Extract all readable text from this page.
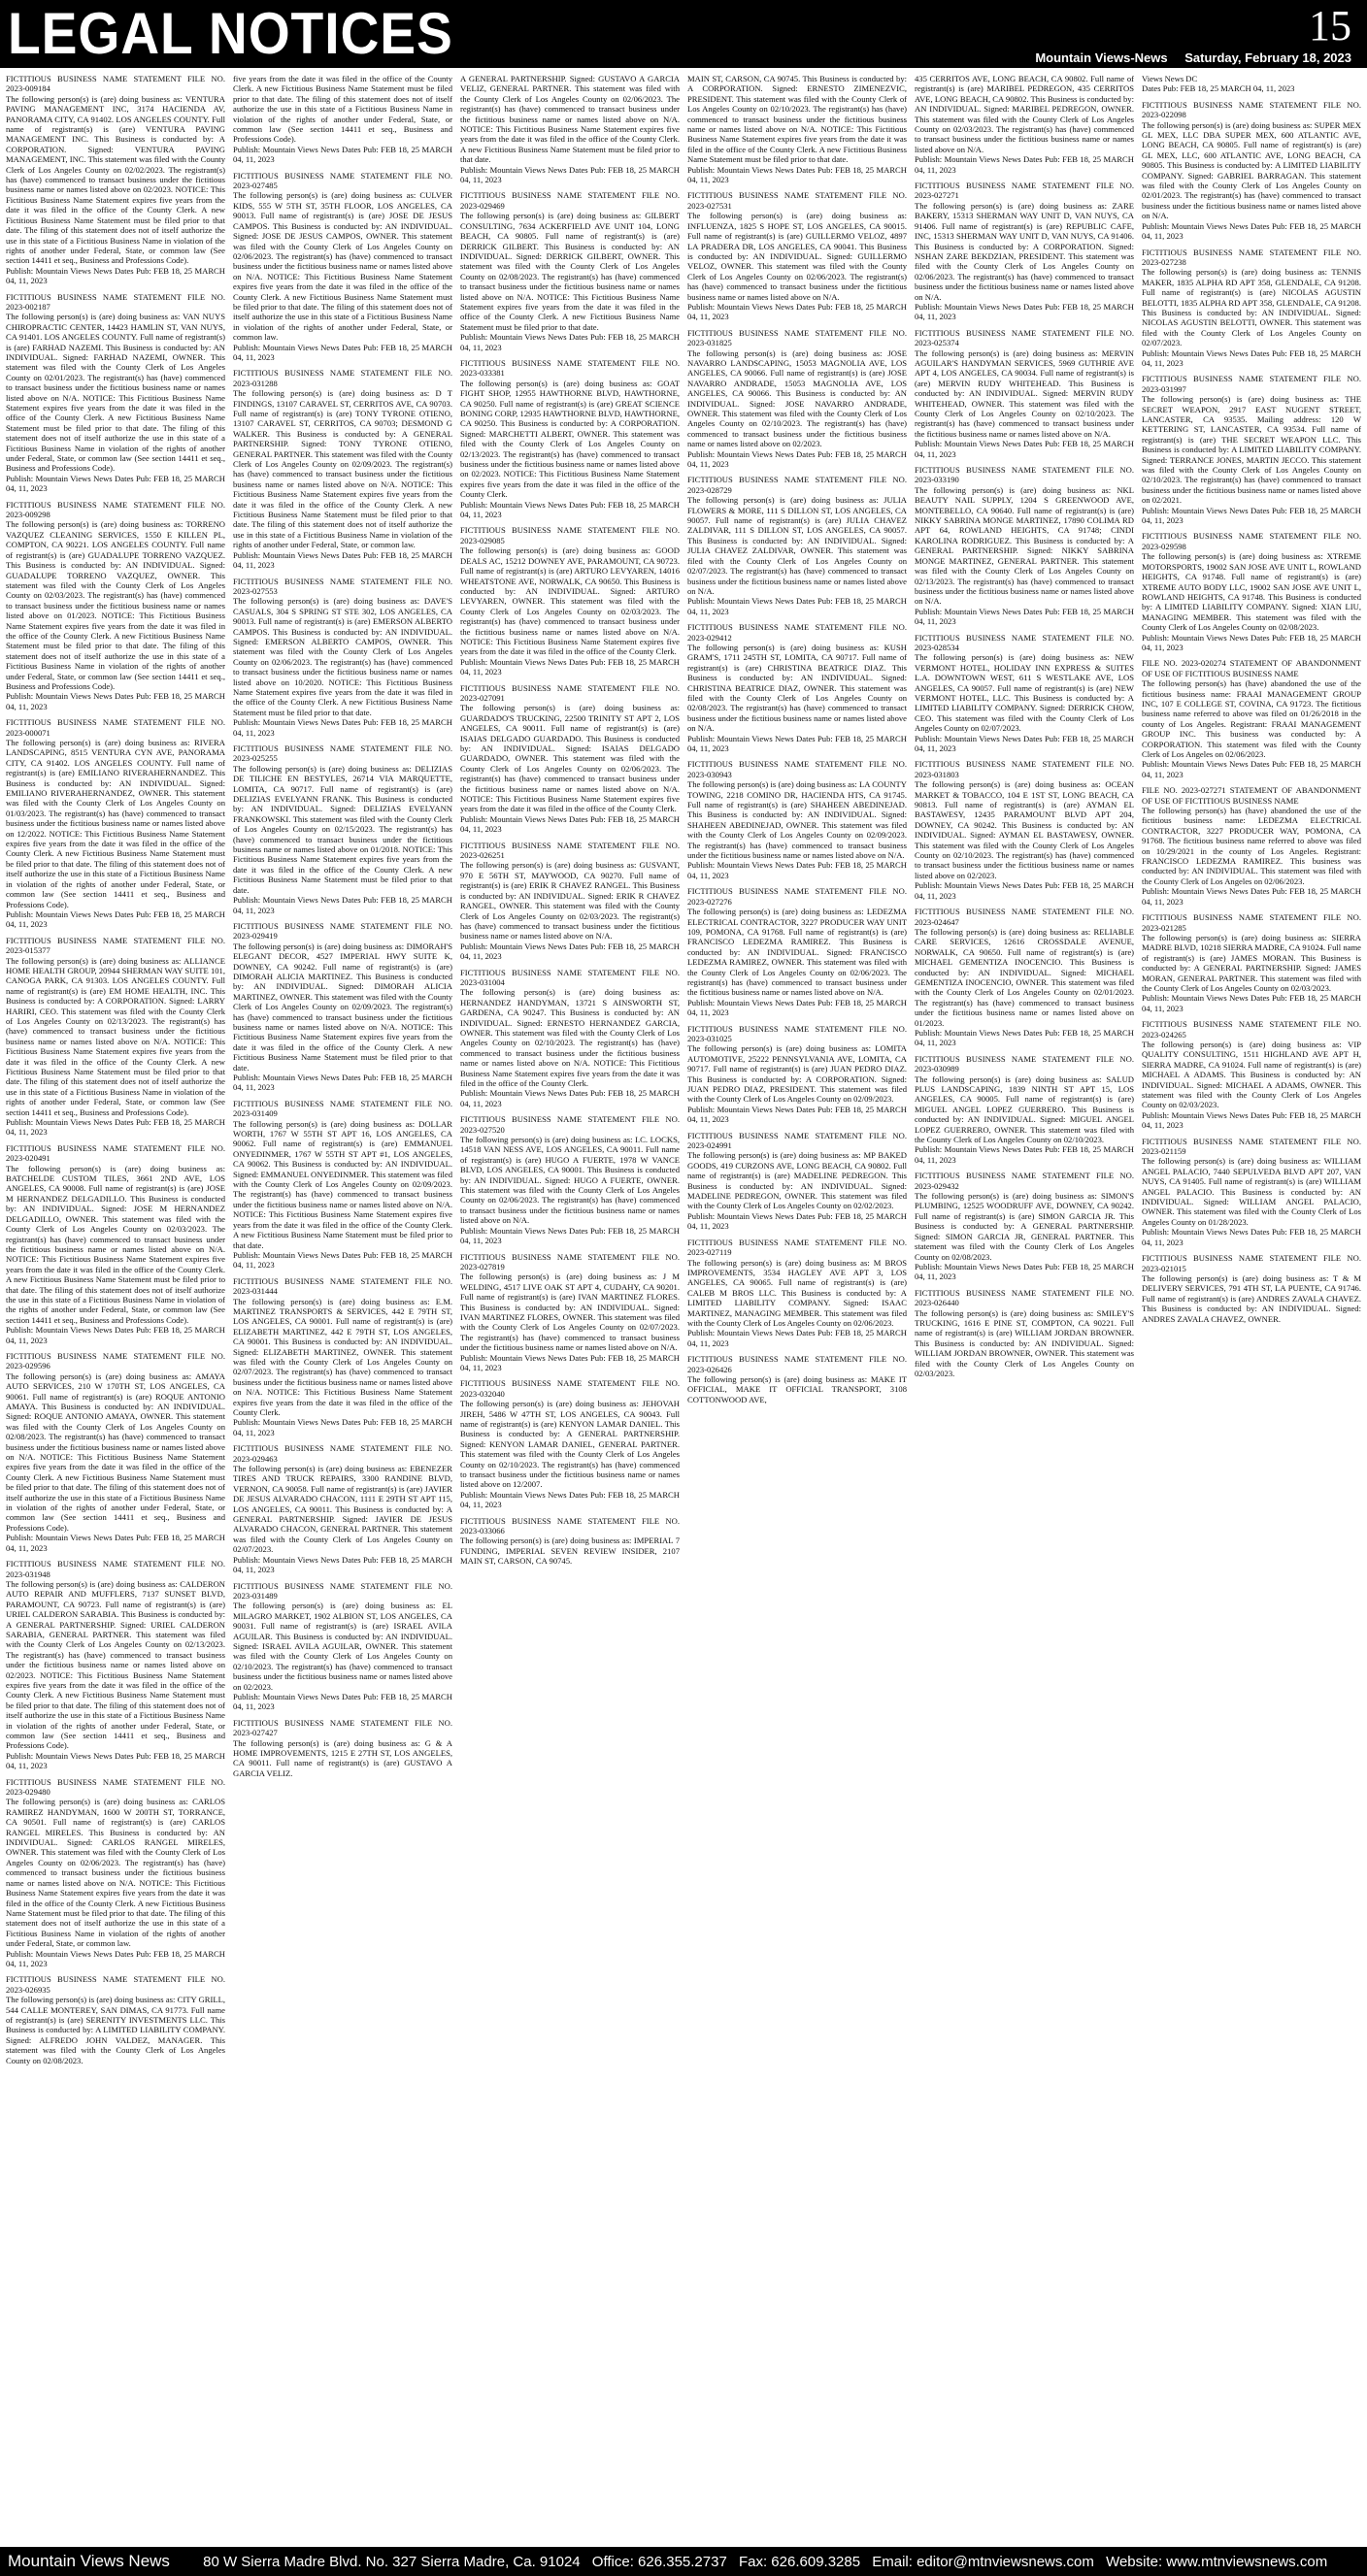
LEGAL NOTICES	15
Mountain Views-News Saturday, February 18, 2023

FICTITIOUS BUSINESS NAME STATEMENT FILE NO. 2023-009184

The following person(s) is (are) doing business as: VENTURA PAVING MANAGEMENT INC, 3174 HACIENDA AV, PANORAMA CITY, CA 91402. LOS ANGELES COUNTY. Full name of registrant(s) is (are) VENTURA PAVING MANAGEMENT INC. This Business is conducted by: A CORPORATION. Signed: VENTURA PAVING MANAGEMENT, INC. This statement was filed with the County Clerk of Los Angeles County on 02/02/2023. The registrant(s) has (have) commenced to transact business under the fictitious business name or names listed above on 02/2023. NOTICE: This Fictitious Business Name Statement expires five years from the date it was filed in the office of the County Clerk. A new Fictitious Business Name Statement must be filed prior to that date. The filing of this statement does not of itself authorize the use in this state of a Fictitious Business Name in violation of the rights of another under Federal, State, or common law (See section 14411 et seq., Business and Professions Code).

Publish: Mountain Views News Dates Pub: FEB 18, 25 MARCH 04, 11, 2023

FICTITIOUS BUSINESS NAME STATEMENT FILE NO. 2023-002187

The following person(s) is (are) doing business as: VAN NUYS CHIROPRACTIC CENTER, 14423 HAMLIN ST, VAN NUYS, CA 91401. LOS ANGELES COUNTY. Full name of registrant(s) is (are) FARHAD NAZEMI. This Business is conducted by: AN INDIVIDUAL. Signed: FARHAD NAZEMI, OWNER. This statement was filed with the County Clerk of Los Angeles County on 02/01/2023. The registrant(s) has (have) commenced to transact business under the fictitious business name or names listed above on N/A. NOTICE: This Fictitious Business Name Statement expires five years from the date it was filed in the office of the County Clerk. A new Fictitious Business Name Statement must be filed prior to that date. The filing of this statement does not of itself authorize the use in this state of a Fictitious Business Name in violation of the rights of another under Federal, State, or common law (See section 14411 et seq., Business and Professions Code).

Publish: Mountain Views News Dates Pub: FEB 18, 25 MARCH 04, 11, 2023

FICTITIOUS BUSINESS NAME STATEMENT FILE NO. 2023-009298

The following person(s) is (are) doing business as: TORRENO VAZQUEZ CLEANING SERVICES, 1550 E KILLEN PL, COMPTON, CA 90221. LOS ANGELES COUNTY. Full name of registrant(s) is (are) GUADALUPE TORRENO VAZQUEZ. This Business is conducted by: AN INDIVIDUAL. Signed: GUADALUPE TORRENO VAZQUEZ, OWNER. This statement was filed with the County Clerk of Los Angeles County on 02/03/2023. The registrant(s) has (have) commenced to transact business under the fictitious business name or names listed above on 01/2023. NOTICE: This Fictitious Business Name Statement expires five years from the date it was filed in the office of the County Clerk. A new Fictitious Business Name Statement must be filed prior to that date. The filing of this statement does not of itself authorize the use in this state of a Fictitious Business Name in violation of the rights of another under Federal, State, or common law (See section 14411 et seq., Business and Professions Code).

Publish: Mountain Views News Dates Pub: FEB 18, 25 MARCH 04, 11, 2023

FICTITIOUS BUSINESS NAME STATEMENT FILE NO. 2023-000071

The following person(s) is (are) doing business as: RIVERA LANDSCAPING, 8515 VENTURA CYN AVE, PANORAMA CITY, CA 91402. LOS ANGELES COUNTY. Full name of registrant(s) is (are) EMILIANO RIVERAHERNANDEZ. This Business is conducted by: AN INDIVIDUAL. Signed: EMILIANO RIVERAHERNANDEZ, OWNER. This statement was filed with the County Clerk of Los Angeles County on 01/03/2023. The registrant(s) has (have) commenced to transact business under the fictitious business name or names listed above on 12/2022. NOTICE: This Fictitious Business Name Statement expires five years from the date it was filed in the office of the County Clerk. A new Fictitious Business Name Statement must be filed prior to that date. The filing of this statement does not of itself authorize the use in this state of a Fictitious Business Name in violation of the rights of another under Federal, State, or common law (See section 14411 et seq., Business and Professions Code).

Publish: Mountain Views News Dates Pub: FEB 18, 25 MARCH 04, 11, 2023

FICTITIOUS BUSINESS NAME STATEMENT FILE NO. 2023-015377

The following person(s) is (are) doing business as: ALLIANCE HOME HEALTH GROUP, 20944 SHERMAN WAY SUITE 101, CANOGA PARK, CA 91303. LOS ANGELES COUNTY. Full name of registrant(s) is (are) EM HOME HEALTH, INC. This Business is conducted by: A CORPORATION. Signed: LARRY HARIRI, CEO. This statement was filed with the County Clerk of Los Angeles County on 02/13/2023. The registrant(s) has (have) commenced to transact business under the fictitious business name or names listed above on N/A. NOTICE: This Fictitious Business Name Statement expires five years from the date it was filed in the office of the County Clerk. A new Fictitious Business Name Statement must be filed prior to that date. The filing of this statement does not of itself authorize the use in this state of a Fictitious Business Name in violation of the rights of another under Federal, State, or common law (See section 14411 et seq., Business and Professions Code).

Publish: Mountain Views News Dates Pub: FEB 18, 25 MARCH 04, 11, 2023

FICTITIOUS BUSINESS NAME STATEMENT FILE NO. 2023-020491

The following person(s) is (are) doing business as: BATCHELDE CUSTOM TILES, 3661 2ND AVE, LOS ANGELES, CA 90008. Full name of registrant(s) is (are) JOSE M HERNANDEZ DELGADILLO. This Business is conducted by: AN INDIVIDUAL. Signed: JOSE M HERNANDEZ DELGADILLO, OWNER. This statement was filed with the County Clerk of Los Angeles County on 02/03/2023. The registrant(s) has (have) commenced to transact business under the fictitious business name or names listed above on N/A. NOTICE: This Fictitious Business Name Statement expires five years from the date it was filed in the office of the County Clerk. A new Fictitious Business Name Statement must be filed prior to that date. The filing of this statement does not of itself authorize the use in this state of a Fictitious Business Name in violation of the rights of another under Federal, State, or common law (See section 14411 et seq., Business and Professions Code).

Publish: Mountain Views News Dates Pub: FEB 18, 25 MARCH 04, 11, 2023

FICTITIOUS BUSINESS NAME STATEMENT FILE NO. 2023-029596

The following person(s) is (are) doing business as: AMAYA AUTO SERVICES, 210 W 170TH ST, LOS ANGELES, CA 90061. Full name of registrant(s) is (are) ROQUE ANTONIO AMAYA. This Business is conducted by: AN INDIVIDUAL. Signed: ROQUE ANTONIO AMAYA, OWNER. This statement was filed with the County Clerk of Los Angeles County on 02/08/2023. The registrant(s) has (have) commenced to transact business under the fictitious business name or names listed above on N/A. NOTICE: This Fictitious Business Name Statement expires five years from the date it was filed in the office of the County Clerk. A new Fictitious Business Name Statement must be filed prior to that date. The filing of this statement does not of itself authorize the use in this state of a Fictitious Business Name in violation of the rights of another under Federal, State, or common law (See section 14411 et seq., Business and Professions Code).

Publish: Mountain Views News Dates Pub: FEB 18, 25 MARCH 04, 11, 2023

FICTITIOUS BUSINESS NAME STATEMENT FILE NO. 2023-031948

The following person(s) is (are) doing business as: CALDERON AUTO REPAIR AND MUFFLERS, 7137 SUNSET BLVD, PARAMOUNT, CA 90723. Full name of registrant(s) is (are) URIEL CALDERON SARABIA. This Business is conducted by: A GENERAL PARTNERSHIP. Signed: URIEL CALDERON SARABIA, GENERAL PARTNER. This statement was filed with the County Clerk of Los Angeles County on 02/13/2023. The registrant(s) has (have) commenced to transact business under the fictitious business name or names listed above on 02/2023. NOTICE: This Fictitious Business Name Statement expires five years from the date it was filed in the office of the County Clerk. A new Fictitious Business Name Statement must be filed prior to that date. The filing of this statement does not of itself authorize the use in this state of a Fictitious Business Name in violation of the rights of another under Federal, State, or common law (See section 14411 et seq., Business and Professions Code).

Publish: Mountain Views News Dates Pub: FEB 18, 25 MARCH 04, 11, 2023

FICTITIOUS BUSINESS NAME STATEMENT FILE NO. 2023-029480

The following person(s) is (are) doing business as: CARLOS RAMIREZ HANDYMAN, 1600 W 200TH ST, TORRANCE, CA 90501. Full name of registrant(s) is (are) CARLOS RANGEL MIRELES. This Business is conducted by: AN INDIVIDUAL. Signed: CARLOS RANGEL MIRELES, OWNER. This statement was filed with the County Clerk of Los Angeles County on 02/06/2023. The registrant(s) has (have) commenced to transact business under the fictitious business name or names listed above on N/A. NOTICE: This Fictitious Business Name Statement expires five years from the date it was filed in the office of the County Clerk. A new Fictitious Business Name Statement must be filed prior to that date. The filing of this statement does not of itself authorize the use in this state of a Fictitious Business Name in violation of the rights of another under Federal, State, or common law.

Publish: Mountain Views News Dates Pub: FEB 18, 25 MARCH 04, 11, 2023

FICTITIOUS BUSINESS NAME STATEMENT FILE NO. 2023-026935

The following person(s) is (are) doing business as: CITY GRILL, 544 CALLE MONTEREY, SAN DIMAS, CA 91773. Full name of registrant(s) is (are) SERENITY INVESTMENTS LLC. This Business is conducted by: A LIMITED LIABILITY COMPANY. Signed: ALFREDO JOHN VALDEZ, MANAGER. This statement was filed with the County Clerk of Los Angeles County on 02/08/2023.

five years from the date it was filed in the office of the County Clerk. A new Fictitious Business Name Statement must be filed prior to that date. The filing of this statement does not of itself authorize the use in this state of a Fictitious Business Name in violation of the rights of another under Federal, State, or common law (See section 14411 et seq., Business and Professions Code).

Publish: Mountain Views News Dates Pub: FEB 18, 25 MARCH 04, 11, 2023

FICTITIOUS BUSINESS NAME STATEMENT FILE NO. 2023-027485

The following person(s) is (are) doing business as: CULVER KIDS, 555 W 5TH ST, 35TH FLOOR, LOS ANGELES, CA 90013. Full name of registrant(s) is (are) JOSE DE JESUS CAMPOS. This Business is conducted by: AN INDIVIDUAL. Signed: JOSE DE JESUS CAMPOS, OWNER. This statement was filed with the County Clerk of Los Angeles County on 02/06/2023. The registrant(s) has (have) commenced to transact business under the fictitious business name or names listed above on N/A. NOTICE: This Fictitious Business Name Statement expires five years from the date it was filed in the office of the County Clerk. A new Fictitious Business Name Statement must be filed prior to that date. The filing of this statement does not of itself authorize the use in this state of a Fictitious Business Name in violation of the rights of another under Federal, State, or common law.

Publish: Mountain Views News Dates Pub: FEB 18, 25 MARCH 04, 11, 2023

FICTITIOUS BUSINESS NAME STATEMENT FILE NO. 2023-031288

The following person(s) is (are) doing business as: D T FINDINGS, 13107 CARAVEL ST, CERRITOS AVE, CA 90703. Full name of registrant(s) is (are) TONY TYRONE OTIENO, 13107 CARAVEL ST, CERRITOS, CA 90703; DESMOND G WALKER. This Business is conducted by: A GENERAL PARTNERSHIP. Signed: TONY TYRONE OTIENO, GENERAL PARTNER. This statement was filed with the County Clerk of Los Angeles County on 02/09/2023. The registrant(s) has (have) commenced to transact business under the fictitious business name or names listed above on N/A. NOTICE: This Fictitious Business Name Statement expires five years from the date it was filed in the office of the County Clerk. A new Fictitious Business Name Statement must be filed prior to that date. The filing of this statement does not of itself authorize the use in this state of a Fictitious Business Name in violation of the rights of another under Federal, State, or common law.

Publish: Mountain Views News Dates Pub: FEB 18, 25 MARCH 04, 11, 2023

FICTITIOUS BUSINESS NAME STATEMENT FILE NO. 2023-027553

The following person(s) is (are) doing business as: DAVE'S CASUALS, 304 S SPRING ST STE 302, LOS ANGELES, CA 90013. Full name of registrant(s) is (are) EMERSON ALBERTO CAMPOS. This Business is conducted by: AN INDIVIDUAL. Signed: EMERSON ALBERTO CAMPOS, OWNER. This statement was filed with the County Clerk of Los Angeles County on 02/06/2023. The registrant(s) has (have) commenced to transact business under the fictitious business name or names listed above on 10/2020. NOTICE: This Fictitious Business Name Statement expires five years from the date it was filed in the office of the County Clerk. A new Fictitious Business Name Statement must be filed prior to that date.

Publish: Mountain Views News Dates Pub: FEB 18, 25 MARCH 04, 11, 2023

FICTITIOUS BUSINESS NAME STATEMENT FILE NO. 2023-025255

The following person(s) is (are) doing business as: DELIZIAS DE TILICHE EN BESTYLES, 26714 VIA MARQUETTE, LOMITA, CA 90717. Full name of registrant(s) is (are) DELIZIAS EVELYANN FRANK. This Business is conducted by: AN INDIVIDUAL. Signed: DELIZIAS EVELYANN FRANKOWSKI. This statement was filed with the County Clerk of Los Angeles County on 02/15/2023. The registrant(s) has (have) commenced to transact business under the fictitious business name or names listed above on 01/2018. NOTICE: This Fictitious Business Name Statement expires five years from the date it was filed in the office of the County Clerk. A new Fictitious Business Name Statement must be filed prior to that date.

Publish: Mountain Views News Dates Pub: FEB 18, 25 MARCH 04, 11, 2023

FICTITIOUS BUSINESS NAME STATEMENT FILE NO. 2023-029419

The following person(s) is (are) doing business as: DIMORAH'S ELEGANT DECOR, 4527 IMPERIAL HWY SUITE K, DOWNEY, CA 90242. Full name of registrant(s) is (are) DIMORAH ALICIA MARTINEZ. This Business is conducted by: AN INDIVIDUAL. Signed: DIMORAH ALICIA MARTINEZ, OWNER. This statement was filed with the County Clerk of Los Angeles County on 02/09/2023. The registrant(s) has (have) commenced to transact business under the fictitious business name or names listed above on N/A. NOTICE: This Fictitious Business Name Statement expires five years from the date it was filed in the office of the County Clerk. A new Fictitious Business Name Statement must be filed prior to that date.

Publish: Mountain Views News Dates Pub: FEB 18, 25 MARCH 04, 11, 2023

FICTITIOUS BUSINESS NAME STATEMENT FILE NO. 2023-031409

The following person(s) is (are) doing business as: DOLLAR WORTH, 1767 W 55TH ST APT 16, LOS ANGELES, CA 90062. Full name of registrant(s) is (are) EMMANUEL ONYEDINMER, 1767 W 55TH ST APT #1, LOS ANGELES, CA 90062. This Business is conducted by: AN INDIVIDUAL. Signed: EMMANUEL ONYEDINMER. This statement was filed with the County Clerk of Los Angeles County on 02/09/2023. The registrant(s) has (have) commenced to transact business under the fictitious business name or names listed above on N/A. NOTICE: This Fictitious Business Name Statement expires five years from the date it was filed in the office of the County Clerk. A new Fictitious Business Name Statement must be filed prior to that date.

Publish: Mountain Views News Dates Pub: FEB 18, 25 MARCH 04, 11, 2023

FICTITIOUS BUSINESS NAME STATEMENT FILE NO. 2023-031444

The following person(s) is (are) doing business as: E.M. MARTINEZ TRANSPORTS & SERVICES, 442 E 79TH ST, LOS ANGELES, CA 90001. Full name of registrant(s) is (are) ELIZABETH MARTINEZ, 442 E 79TH ST, LOS ANGELES, CA 90001. This Business is conducted by: AN INDIVIDUAL. Signed: ELIZABETH MARTINEZ, OWNER. This statement was filed with the County Clerk of Los Angeles County on 02/07/2023. The registrant(s) has (have) commenced to transact business under the fictitious business name or names listed above on N/A. NOTICE: This Fictitious Business Name Statement expires five years from the date it was filed in the office of the County Clerk.

Publish: Mountain Views News Dates Pub: FEB 18, 25 MARCH 04, 11, 2023

FICTITIOUS BUSINESS NAME STATEMENT FILE NO. 2023-029463

The following person(s) is (are) doing business as: EBENEZER TIRES AND TRUCK REPAIRS, 3300 RANDINE BLVD, VERNON, CA 90058. Full name of registrant(s) is (are) JAVIER DE JESUS ALVARADO CHACON, 1111 E 29TH ST APT 115, LOS ANGELES, CA 90011. This Business is conducted by: A GENERAL PARTNERSHIP. Signed: JAVIER DE JESUS ALVARADO CHACON, GENERAL PARTNER. This statement was filed with the County Clerk of Los Angeles County on 02/07/2023.

Publish: Mountain Views News Dates Pub: FEB 18, 25 MARCH 04, 11, 2023

FICTITIOUS BUSINESS NAME STATEMENT FILE NO. 2023-031489

The following person(s) is (are) doing business as: EL MILAGRO MARKET, 1902 ALBION ST, LOS ANGELES, CA 90031. Full name of registrant(s) is (are) ISRAEL AVILA AGUILAR. This Business is conducted by: AN INDIVIDUAL. Signed: ISRAEL AVILA AGUILAR, OWNER. This statement was filed with the County Clerk of Los Angeles County on 02/10/2023. The registrant(s) has (have) commenced to transact business under the fictitious business name or names listed above on 02/2023.

Publish: Mountain Views News Dates Pub: FEB 18, 25 MARCH 04, 11, 2023

FICTITIOUS BUSINESS NAME STATEMENT FILE NO. 2023-027427

The following person(s) is (are) doing business as: G & A HOME IMPROVEMENTS, 1215 E 27TH ST, LOS ANGELES, CA 90011. Full name of registrant(s) is (are) GUSTAVO A GARCIA VELIZ.

A GENERAL PARTNERSHIP. Signed: GUSTAVO A GARCIA VELIZ, GENERAL PARTNER. This statement was filed with the County Clerk of Los Angeles County on 02/06/2023. The registrant(s) has (have) commenced to transact business under the fictitious business name or names listed above on N/A. NOTICE: This Fictitious Business Name Statement expires five years from the date it was filed in the office of the County Clerk. A new Fictitious Business Name Statement must be filed prior to that date.

Publish: Mountain Views News Dates Pub: FEB 18, 25 MARCH 04, 11, 2023

FICTITIOUS BUSINESS NAME STATEMENT FILE NO. 2023-029469

The following person(s) is (are) doing business as: GILBERT CONSULTING, 7634 ACKERFIELD AVE UNIT 104, LONG BEACH, CA 90805. Full name of registrant(s) is (are) DERRICK GILBERT. This Business is conducted by: AN INDIVIDUAL. Signed: DERRICK GILBERT, OWNER. This statement was filed with the County Clerk of Los Angeles County on 02/08/2023. The registrant(s) has (have) commenced to transact business under the fictitious business name or names listed above on N/A. NOTICE: This Fictitious Business Name Statement expires five years from the date it was filed in the office of the County Clerk. A new Fictitious Business Name Statement must be filed prior to that date.

Publish: Mountain Views News Dates Pub: FEB 18, 25 MARCH 04, 11, 2023

FICTITIOUS BUSINESS NAME STATEMENT FILE NO. 2023-033381

The following person(s) is (are) doing business as: GOAT FIGHT SHOP, 12955 HAWTHORNE BLVD, HAWTHORNE, CA 90250. Full name of registrant(s) is (are) GREAT SCIENCE BONING CORP, 12935 HAWTHORNE BLVD, HAWTHORNE, CA 90250. This Business is conducted by: A CORPORATION. Signed: MARCHETTI ALBERT, OWNER. This statement was filed with the County Clerk of Los Angeles County on 02/13/2023. The registrant(s) has (have) commenced to transact business under the fictitious business name or names listed above on 02/2023. NOTICE: This Fictitious Business Name Statement expires five years from the date it was filed in the office of the County Clerk.

Publish: Mountain Views News Dates Pub: FEB 18, 25 MARCH 04, 11, 2023

FICTITIOUS BUSINESS NAME STATEMENT FILE NO. 2023-029085

The following person(s) is (are) doing business as: GOOD DEALS AC, 15212 DOWNEY AVE, PARAMOUNT, CA 90723. Full name of registrant(s) is (are) ARTURO LEVYAREN, 14016 WHEATSTONE AVE, NORWALK, CA 90650. This Business is conducted by: AN INDIVIDUAL. Signed: ARTURO LEVYAREN, OWNER. This statement was filed with the County Clerk of Los Angeles County on 02/03/2023. The registrant(s) has (have) commenced to transact business under the fictitious business name or names listed above on N/A. NOTICE: This Fictitious Business Name Statement expires five years from the date it was filed in the office of the County Clerk.

Publish: Mountain Views News Dates Pub: FEB 18, 25 MARCH 04, 11, 2023

FICTITIOUS BUSINESS NAME STATEMENT FILE NO. 2023-027091

The following person(s) is (are) doing business as: GUARDADO'S TRUCKING, 22500 TRINITY ST APT 2, LOS ANGELES, CA 90011. Full name of registrant(s) is (are) ISAIAS DELGADO GUARDADO. This Business is conducted by: AN INDIVIDUAL. Signed: ISAIAS DELGADO GUARDADO, OWNER. This statement was filed with the County Clerk of Los Angeles County on 02/06/2023. The registrant(s) has (have) commenced to transact business under the fictitious business name or names listed above on N/A. NOTICE: This Fictitious Business Name Statement expires five years from the date it was filed in the office of the County Clerk.

Publish: Mountain Views News Dates Pub: FEB 18, 25 MARCH 04, 11, 2023

FICTITIOUS BUSINESS NAME STATEMENT FILE NO. 2023-026251

The following person(s) is (are) doing business as: GUSVANT, 970 E 56TH ST, MAYWOOD, CA 90270. Full name of registrant(s) is (are) ERIK R CHAVEZ RANGEL. This Business is conducted by: AN INDIVIDUAL. Signed: ERIK R CHAVEZ RANGEL, OWNER. This statement was filed with the County Clerk of Los Angeles County on 02/03/2023. The registrant(s) has (have) commenced to transact business under the fictitious business name or names listed above on N/A.

Publish: Mountain Views News Dates Pub: FEB 18, 25 MARCH 04, 11, 2023

FICTITIOUS BUSINESS NAME STATEMENT FILE NO. 2023-031004

The following person(s) is (are) doing business as: HERNANDEZ HANDYMAN, 13721 S AINSWORTH ST, GARDENA, CA 90247. This Business is conducted by: AN INDIVIDUAL. Signed: ERNESTO HERNANDEZ GARCIA, OWNER. This statement was filed with the County Clerk of Los Angeles County on 02/10/2023. The registrant(s) has (have) commenced to transact business under the fictitious business name or names listed above on N/A. NOTICE: This Fictitious Business Name Statement expires five years from the date it was filed in the office of the County Clerk.

Publish: Mountain Views News Dates Pub: FEB 18, 25 MARCH 04, 11, 2023

FICTITIOUS BUSINESS NAME STATEMENT FILE NO. 2023-027520

The following person(s) is (are) doing business as: I.C. LOCKS, 14518 VAN NESS AVE, LOS ANGELES, CA 90011. Full name of registrant(s) is (are) HUGO A FUERTE, 1978 W VANCE BLVD, LOS ANGELES, CA 90001. This Business is conducted by: AN INDIVIDUAL. Signed: HUGO A FUERTE, OWNER. This statement was filed with the County Clerk of Los Angeles County on 02/06/2023. The registrant(s) has (have) commenced to transact business under the fictitious business name or names listed above on N/A.

Publish: Mountain Views News Dates Pub: FEB 18, 25 MARCH 04, 11, 2023

FICTITIOUS BUSINESS NAME STATEMENT FILE NO. 2023-027819

The following person(s) is (are) doing business as: J M WELDING, 4517 LIVE OAK ST APT 4, CUDAHY, CA 90201. Full name of registrant(s) is (are) IVAN MARTINEZ FLORES. This Business is conducted by: AN INDIVIDUAL. Signed: IVAN MARTINEZ FLORES, OWNER. This statement was filed with the County Clerk of Los Angeles County on 02/07/2023. The registrant(s) has (have) commenced to transact business under the fictitious business name or names listed above on N/A.

Publish: Mountain Views News Dates Pub: FEB 18, 25 MARCH 04, 11, 2023

FICTITIOUS BUSINESS NAME STATEMENT FILE NO. 2023-032040

The following person(s) is (are) doing business as: JEHOVAH JIREH, 5486 W 47TH ST, LOS ANGELES, CA 90043. Full name of registrant(s) is (are) KENYON LAMAR DANIEL. This Business is conducted by: A GENERAL PARTNERSHIP. Signed: KENYON LAMAR DANIEL, GENERAL PARTNER. This statement was filed with the County Clerk of Los Angeles County on 02/10/2023. The registrant(s) has (have) commenced to transact business under the fictitious business name or names listed above on 12/2007.

Publish: Mountain Views News Dates Pub: FEB 18, 25 MARCH 04, 11, 2023

FICTITIOUS BUSINESS NAME STATEMENT FILE NO. 2023-033066

The following person(s) is (are) doing business as: IMPERIAL 7 FUNDING, IMPERIAL SEVEN REVIEW INSIDER, 2107 MAIN ST, CARSON, CA 90745.

MAIN ST, CARSON, CA 90745. This Business is conducted by: A CORPORATION. Signed: ERNESTO ZIMENEZVIC, PRESIDENT. This statement was filed with the County Clerk of Los Angeles County on 02/10/2023. The registrant(s) has (have) commenced to transact business under the fictitious business name or names listed above on N/A. NOTICE: This Fictitious Business Name Statement expires five years from the date it was filed in the office of the County Clerk. A new Fictitious Business Name Statement must be filed prior to that date.

Publish: Mountain Views News Dates Pub: FEB 18, 25 MARCH 04, 11, 2023

FICTITIOUS BUSINESS NAME STATEMENT FILE NO. 2023-027531

The following person(s) is (are) doing business as: INFLUENZA, 1825 S HOPE ST, LOS ANGELES, CA 90015. Full name of registrant(s) is (are) GUILLERMO VELOZ, 4897 LA PRADERA DR, LOS ANGELES, CA 90041. This Business is conducted by: AN INDIVIDUAL. Signed: GUILLERMO VELOZ, OWNER. This statement was filed with the County Clerk of Los Angeles County on 02/06/2023. The registrant(s) has (have) commenced to transact business under the fictitious business name or names listed above on N/A.

Publish: Mountain Views News Dates Pub: FEB 18, 25 MARCH 04, 11, 2023

FICTITIOUS BUSINESS NAME STATEMENT FILE NO. 2023-031825

The following person(s) is (are) doing business as: JOSE NAVARRO LANDSCAPING, 15053 MAGNOLIA AVE, LOS ANGELES, CA 90066. Full name of registrant(s) is (are) JOSE NAVARRO ANDRADE, 15053 MAGNOLIA AVE, LOS ANGELES, CA 90066. This Business is conducted by: AN INDIVIDUAL. Signed: JOSE NAVARRO ANDRADE, OWNER. This statement was filed with the County Clerk of Los Angeles County on 02/10/2023. The registrant(s) has (have) commenced to transact business under the fictitious business name or names listed above on 02/2023.

Publish: Mountain Views News Dates Pub: FEB 18, 25 MARCH 04, 11, 2023

FICTITIOUS BUSINESS NAME STATEMENT FILE NO. 2023-028729

The following person(s) is (are) doing business as: JULIA FLOWERS & MORE, 111 S DILLON ST, LOS ANGELES, CA 90057. Full name of registrant(s) is (are) JULIA CHAVEZ ZALDIVAR, 111 S DILLON ST, LOS ANGELES, CA 90057. This Business is conducted by: AN INDIVIDUAL. Signed: JULIA CHAVEZ ZALDIVAR, OWNER. This statement was filed with the County Clerk of Los Angeles County on 02/07/2023. The registrant(s) has (have) commenced to transact business under the fictitious business name or names listed above on N/A.

Publish: Mountain Views News Dates Pub: FEB 18, 25 MARCH 04, 11, 2023

FICTITIOUS BUSINESS NAME STATEMENT FILE NO. 2023-029412

The following person(s) is (are) doing business as: KUSH GRAM'S, 1711 245TH ST, LOMITA, CA 90717. Full name of registrant(s) is (are) CHRISTINA BEATRICE DIAZ. This Business is conducted by: AN INDIVIDUAL. Signed: CHRISTINA BEATRICE DIAZ, OWNER. This statement was filed with the County Clerk of Los Angeles County on 02/08/2023. The registrant(s) has (have) commenced to transact business under the fictitious business name or names listed above on N/A.

Publish: Mountain Views News Dates Pub: FEB 18, 25 MARCH 04, 11, 2023

FICTITIOUS BUSINESS NAME STATEMENT FILE NO. 2023-030943

The following person(s) is (are) doing business as: LA COUNTY TOWING, 2218 COMINO DR, HACIENDA HTS, CA 91745. Full name of registrant(s) is (are) SHAHEEN ABEDINEJAD. This Business is conducted by: AN INDIVIDUAL. Signed: SHAHEEN ABEDINEJAD, OWNER. This statement was filed with the County Clerk of Los Angeles County on 02/09/2023. The registrant(s) has (have) commenced to transact business under the fictitious business name or names listed above on N/A.

Publish: Mountain Views News Dates Pub: FEB 18, 25 MARCH 04, 11, 2023

FICTITIOUS BUSINESS NAME STATEMENT FILE NO. 2023-027276

The following person(s) is (are) doing business as: LEDEZMA ELECTRICAL CONTRACTOR, 3227 PRODUCER WAY UNIT 109, POMONA, CA 91768. Full name of registrant(s) is (are) FRANCISCO LEDEZMA RAMIREZ. This Business is conducted by: AN INDIVIDUAL. Signed: FRANCISCO LEDEZMA RAMIREZ, OWNER. This statement was filed with the County Clerk of Los Angeles County on 02/06/2023. The registrant(s) has (have) commenced to transact business under the fictitious business name or names listed above on N/A.

Publish: Mountain Views News Dates Pub: FEB 18, 25 MARCH 04, 11, 2023

FICTITIOUS BUSINESS NAME STATEMENT FILE NO. 2023-031025

The following person(s) is (are) doing business as: LOMITA AUTOMOTIVE, 25222 PENNSYLVANIA AVE, LOMITA, CA 90717. Full name of registrant(s) is (are) JUAN PEDRO DIAZ. This Business is conducted by: A CORPORATION. Signed: JUAN PEDRO DIAZ, PRESIDENT. This statement was filed with the County Clerk of Los Angeles County on 02/09/2023.

Publish: Mountain Views News Dates Pub: FEB 18, 25 MARCH 04, 11, 2023

FICTITIOUS BUSINESS NAME STATEMENT FILE NO. 2023-024991

The following person(s) is (are) doing business as: MP BAKED GOODS, 419 CURZONS AVE, LONG BEACH, CA 90802. Full name of registrant(s) is (are) MADELINE PEDREGON. This Business is conducted by: AN INDIVIDUAL. Signed: MADELINE PEDREGON, OWNER. This statement was filed with the County Clerk of Los Angeles County on 02/02/2023.

Publish: Mountain Views News Dates Pub: FEB 18, 25 MARCH 04, 11, 2023

FICTITIOUS BUSINESS NAME STATEMENT FILE NO. 2023-027119

The following person(s) is (are) doing business as: M BROS IMPROVEMENTS, 3534 HAGLEY AVE APT 3, LOS ANGELES, CA 90065. Full name of registrant(s) is (are) CALEB M BROS LLC. This Business is conducted by: A LIMITED LIABILITY COMPANY. Signed: ISAAC MARTINEZ, MANAGING MEMBER. This statement was filed with the County Clerk of Los Angeles County on 02/06/2023.

Publish: Mountain Views News Dates Pub: FEB 18, 25 MARCH 04, 11, 2023

FICTITIOUS BUSINESS NAME STATEMENT FILE NO. 2023-026426

The following person(s) is (are) doing business as: MAKE IT OFFICIAL, MAKE IT OFFICIAL TRANSPORT, 3108 COTTONWOOD AVE,

435 CERRITOS AVE, LONG BEACH, CA 90802. Full name of registrant(s) is (are) MARIBEL PEDREGON, 435 CERRITOS AVE, LONG BEACH, CA 90802. This Business is conducted by: AN INDIVIDUAL. Signed: MARIBEL PEDREGON, OWNER. This statement was filed with the County Clerk of Los Angeles County on 02/03/2023. The registrant(s) has (have) commenced to transact business under the fictitious business name or names listed above on N/A.

Publish: Mountain Views News Dates Pub: FEB 18, 25 MARCH 04, 11, 2023

FICTITIOUS BUSINESS NAME STATEMENT FILE NO. 2023-027271

The following person(s) is (are) doing business as: ZARE BAKERY, 15313 SHERMAN WAY UNIT D, VAN NUYS, CA 91406. Full name of registrant(s) is (are) REPUBLIC CAFE, INC, 15313 SHERMAN WAY UNIT D, VAN NUYS, CA 91406. This Business is conducted by: A CORPORATION. Signed: NSHAN ZARE BEKDZIAN, PRESIDENT. This statement was filed with the County Clerk of Los Angeles County on 02/06/2023. The registrant(s) has (have) commenced to transact business under the fictitious business name or names listed above on N/A.

Publish: Mountain Views News Dates Pub: FEB 18, 25 MARCH 04, 11, 2023

FICTITIOUS BUSINESS NAME STATEMENT FILE NO. 2023-025374

The following person(s) is (are) doing business as: MERVIN AGUILAR'S HANDYMAN SERVICES, 5969 GUTHRIE AVE APT 4, LOS ANGELES, CA 90034. Full name of registrant(s) is (are) MERVIN RUDY WHITEHEAD. This Business is conducted by: AN INDIVIDUAL. Signed: MERVIN RUDY WHITEHEAD, OWNER. This statement was filed with the County Clerk of Los Angeles County on 02/10/2023. The registrant(s) has (have) commenced to transact business under the fictitious business name or names listed above on N/A.

Publish: Mountain Views News Dates Pub: FEB 18, 25 MARCH 04, 11, 2023

FICTITIOUS BUSINESS NAME STATEMENT FILE NO. 2023-033190

The following person(s) is (are) doing business as: NKL BEAUTY NAIL SUPPLY, 1204 S GREENWOOD AVE, MONTEBELLO, CA 90640. Full name of registrant(s) is (are) NIKKY SABRINA MONGE MARTINEZ, 17890 COLIMA RD APT 64, ROWLAND HEIGHTS, CA 91748; CINDI KAROLINA RODRIGUEZ. This Business is conducted by: A GENERAL PARTNERSHIP. Signed: NIKKY SABRINA MONGE MARTINEZ, GENERAL PARTNER. This statement was filed with the County Clerk of Los Angeles County on 02/13/2023. The registrant(s) has (have) commenced to transact business under the fictitious business name or names listed above on N/A.

Publish: Mountain Views News Dates Pub: FEB 18, 25 MARCH 04, 11, 2023

FICTITIOUS BUSINESS NAME STATEMENT FILE NO. 2023-028534

The following person(s) is (are) doing business as: NEW VERMONT HOTEL, HOLIDAY INN EXPRESS & SUITES L.A. DOWNTOWN WEST, 611 S WESTLAKE AVE, LOS ANGELES, CA 90057. Full name of registrant(s) is (are) NEW VERMONT HOTEL, LLC. This Business is conducted by: A LIMITED LIABILITY COMPANY. Signed: DERRICK CHOW, CEO. This statement was filed with the County Clerk of Los Angeles County on 02/07/2023.

Publish: Mountain Views News Dates Pub: FEB 18, 25 MARCH 04, 11, 2023

FICTITIOUS BUSINESS NAME STATEMENT FILE NO. 2023-031803

The following person(s) is (are) doing business as: OCEAN MARKET & TOBACCO, 104 E 1ST ST, LONG BEACH, CA 90813. Full name of registrant(s) is (are) AYMAN EL BASTAWESY, 12435 PARAMOUNT BLVD APT 204, DOWNEY, CA 90242. This Business is conducted by: AN INDIVIDUAL. Signed: AYMAN EL BASTAWESY, OWNER. This statement was filed with the County Clerk of Los Angeles County on 02/10/2023. The registrant(s) has (have) commenced to transact business under the fictitious business name or names listed above on 02/2023.

Publish: Mountain Views News Dates Pub: FEB 18, 25 MARCH 04, 11, 2023

FICTITIOUS BUSINESS NAME STATEMENT FILE NO. 2023-024647

The following person(s) is (are) doing business as: RELIABLE CARE SERVICES, 12616 CROSSDALE AVENUE, NORWALK, CA 90650. Full name of registrant(s) is (are) MICHAEL GEMENTIZA INOCENCIO. This Business is conducted by: AN INDIVIDUAL. Signed: MICHAEL GEMENTIZA INOCENCIO, OWNER. This statement was filed with the County Clerk of Los Angeles County on 02/01/2023. The registrant(s) has (have) commenced to transact business under the fictitious business name or names listed above on 01/2023.

Publish: Mountain Views News Dates Pub: FEB 18, 25 MARCH 04, 11, 2023

FICTITIOUS BUSINESS NAME STATEMENT FILE NO. 2023-030989

The following person(s) is (are) doing business as: SALUD PLUS LANDSCAPING, 1839 NINTH ST APT 15, LOS ANGELES, CA 90005. Full name of registrant(s) is (are) MIGUEL ANGEL LOPEZ GUERRERO. This Business is conducted by: AN INDIVIDUAL. Signed: MIGUEL ANGEL LOPEZ GUERRERO, OWNER. This statement was filed with the County Clerk of Los Angeles County on 02/10/2023.

Publish: Mountain Views News Dates Pub: FEB 18, 25 MARCH 04, 11, 2023

FICTITIOUS BUSINESS NAME STATEMENT FILE NO. 2023-029432

The following person(s) is (are) doing business as: SIMON'S PLUMBING, 12525 WOODRUFF AVE, DOWNEY, CA 90242. Full name of registrant(s) is (are) SIMON GARCIA JR. This Business is conducted by: A GENERAL PARTNERSHIP. Signed: SIMON GARCIA JR, GENERAL PARTNER. This statement was filed with the County Clerk of Los Angeles County on 02/08/2023.

Publish: Mountain Views News Dates Pub: FEB 18, 25 MARCH 04, 11, 2023

FICTITIOUS BUSINESS NAME STATEMENT FILE NO. 2023-026440

The following person(s) is (are) doing business as: SMILEY'S TRUCKING, 1616 E PINE ST, COMPTON, CA 90221. Full name of registrant(s) is (are) WILLIAM JORDAN BROWNER. This Business is conducted by: AN INDIVIDUAL. Signed: WILLIAM JORDAN BROWNER, OWNER. This statement was filed with the County Clerk of Los Angeles County on 02/03/2023.

Views News DC

Dates Pub: FEB 18, 25 MARCH 04, 11, 2023

FICTITIOUS BUSINESS NAME STATEMENT FILE NO. 2023-022098

The following person(s) is (are) doing business as: SUPER MEX GL MEX, LLC DBA SUPER MEX, 600 ATLANTIC AVE, LONG BEACH, CA 90805. Full name of registrant(s) is (are) GL MEX, LLC, 600 ATLANTIC AVE, LONG BEACH, CA 90805. This Business is conducted by: A LIMITED LIABILITY COMPANY. Signed: GABRIEL BARRAGAN. This statement was filed with the County Clerk of Los Angeles County on 02/01/2023. The registrant(s) has (have) commenced to transact business under the fictitious business name or names listed above on N/A.

Publish: Mountain Views News Dates Pub: FEB 18, 25 MARCH 04, 11, 2023

FICTITIOUS BUSINESS NAME STATEMENT FILE NO. 2023-027238

The following person(s) is (are) doing business as: TENNIS MAKER, 1835 ALPHA RD APT 358, GLENDALE, CA 91208. Full name of registrant(s) is (are) NICOLAS AGUSTIN BELOTTI, 1835 ALPHA RD APT 358, GLENDALE, CA 91208. This Business is conducted by: AN INDIVIDUAL. Signed: NICOLAS AGUSTIN BELOTTI, OWNER. This statement was filed with the County Clerk of Los Angeles County on 02/07/2023.

Publish: Mountain Views News Dates Pub: FEB 18, 25 MARCH 04, 11, 2023

FICTITIOUS BUSINESS NAME STATEMENT FILE NO. 2023-031997

The following person(s) is (are) doing business as: THE SECRET WEAPON, 2917 EAST NUGENT STREET, LANCASTER, CA 93535. Mailing address: 120 W KETTERING ST, LANCASTER, CA 93534. Full name of registrant(s) is (are) THE SECRET WEAPON LLC. This Business is conducted by: A LIMITED LIABILITY COMPANY. Signed: TERRANCE JONES, MARTIN JECCO. This statement was filed with the County Clerk of Los Angeles County on 02/10/2023. The registrant(s) has (have) commenced to transact business under the fictitious business name or names listed above on 02/2021.

Publish: Mountain Views News Dates Pub: FEB 18, 25 MARCH 04, 11, 2023

FICTITIOUS BUSINESS NAME STATEMENT FILE NO. 2023-029598

The following person(s) is (are) doing business as: XTREME MOTORSPORTS, 19002 SAN JOSE AVE UNIT L, ROWLAND HEIGHTS, CA 91748. Full name of registrant(s) is (are) XTREME AUTO BODY LLC, 19002 SAN JOSE AVE UNIT L, ROWLAND HEIGHTS, CA 91748. This Business is conducted by: A LIMITED LIABILITY COMPANY. Signed: XIAN LIU, MANAGING MEMBER. This statement was filed with the County Clerk of Los Angeles County on 02/08/2023.

Publish: Mountain Views News Dates Pub: FEB 18, 25 MARCH 04, 11, 2023

FILE NO. 2023-020274 STATEMENT OF ABANDONMENT OF USE OF FICTITIOUS BUSINESS NAME

The following person(s) has (have) abandoned the use of the fictitious business name: FRAAI MANAGEMENT GROUP INC, 107 E COLLEGE ST, COVINA, CA 91723. The fictitious business name referred to above was filed on 01/26/2018 in the county of Los Angeles. Registrant: FRAAI MANAGEMENT GROUP INC. This business was conducted by: A CORPORATION. This statement was filed with the County Clerk of Los Angeles on 02/06/2023.

Publish: Mountain Views News Dates Pub: FEB 18, 25 MARCH 04, 11, 2023

FILE NO. 2023-027271 STATEMENT OF ABANDONMENT OF USE OF FICTITIOUS BUSINESS NAME

The following person(s) has (have) abandoned the use of the fictitious business name: LEDEZMA ELECTRICAL CONTRACTOR, 3227 PRODUCER WAY, POMONA, CA 91768. The fictitious business name referred to above was filed on 10/29/2021 in the county of Los Angeles. Registrant: FRANCISCO LEDEZMA RAMIREZ. This business was conducted by: AN INDIVIDUAL. This statement was filed with the County Clerk of Los Angeles on 02/06/2023.

Publish: Mountain Views News Dates Pub: FEB 18, 25 MARCH 04, 11, 2023

FICTITIOUS BUSINESS NAME STATEMENT FILE NO. 2023-021285

The following person(s) is (are) doing business as: SIERRA MADRE BLVD, 10218 SIERRA MADRE, CA 91024. Full name of registrant(s) is (are) JAMES MORAN. This Business is conducted by: A GENERAL PARTNERSHIP. Signed: JAMES MORAN, GENERAL PARTNER. This statement was filed with the County Clerk of Los Angeles County on 02/03/2023.

Publish: Mountain Views News Dates Pub: FEB 18, 25 MARCH 04, 11, 2023

FICTITIOUS BUSINESS NAME STATEMENT FILE NO. 2023-024265

The following person(s) is (are) doing business as: VIP QUALITY CONSULTING, 1511 HIGHLAND AVE APT H, SIERRA MADRE, CA 91024. Full name of registrant(s) is (are) MICHAEL A ADAMS. This Business is conducted by: AN INDIVIDUAL. Signed: MICHAEL A ADAMS, OWNER. This statement was filed with the County Clerk of Los Angeles County on 02/03/2023.

Publish: Mountain Views News Dates Pub: FEB 18, 25 MARCH 04, 11, 2023

FICTITIOUS BUSINESS NAME STATEMENT FILE NO. 2023-021159

The following person(s) is (are) doing business as: WILLIAM ANGEL PALACIO, 7440 SEPULVEDA BLVD APT 207, VAN NUYS, CA 91405. Full name of registrant(s) is (are) WILLIAM ANGEL PALACIO. This Business is conducted by: AN INDIVIDUAL. Signed: WILLIAM ANGEL PALACIO, OWNER. This statement was filed with the County Clerk of Los Angeles County on 01/28/2023.

Publish: Mountain Views News Dates Pub: FEB 18, 25 MARCH 04, 11, 2023

FICTITIOUS BUSINESS NAME STATEMENT FILE NO. 2023-021015

The following person(s) is (are) doing business as: T & M DELIVERY SERVICES, 791 4TH ST, LA PUENTE, CA 91746. Full name of registrant(s) is (are) ANDRES ZAVALA CHAVEZ. This Business is conducted by: AN INDIVIDUAL. Signed: ANDRES ZAVALA CHAVEZ, OWNER.

Mountain Views News 80 W Sierra Madre Blvd. No. 327 Sierra Madre, Ca. 91024 Office: 626.355.2737 Fax: 626.609.3285 Email: editor@mtnviewsnews.com Website: www.mtnviewsnews.com
